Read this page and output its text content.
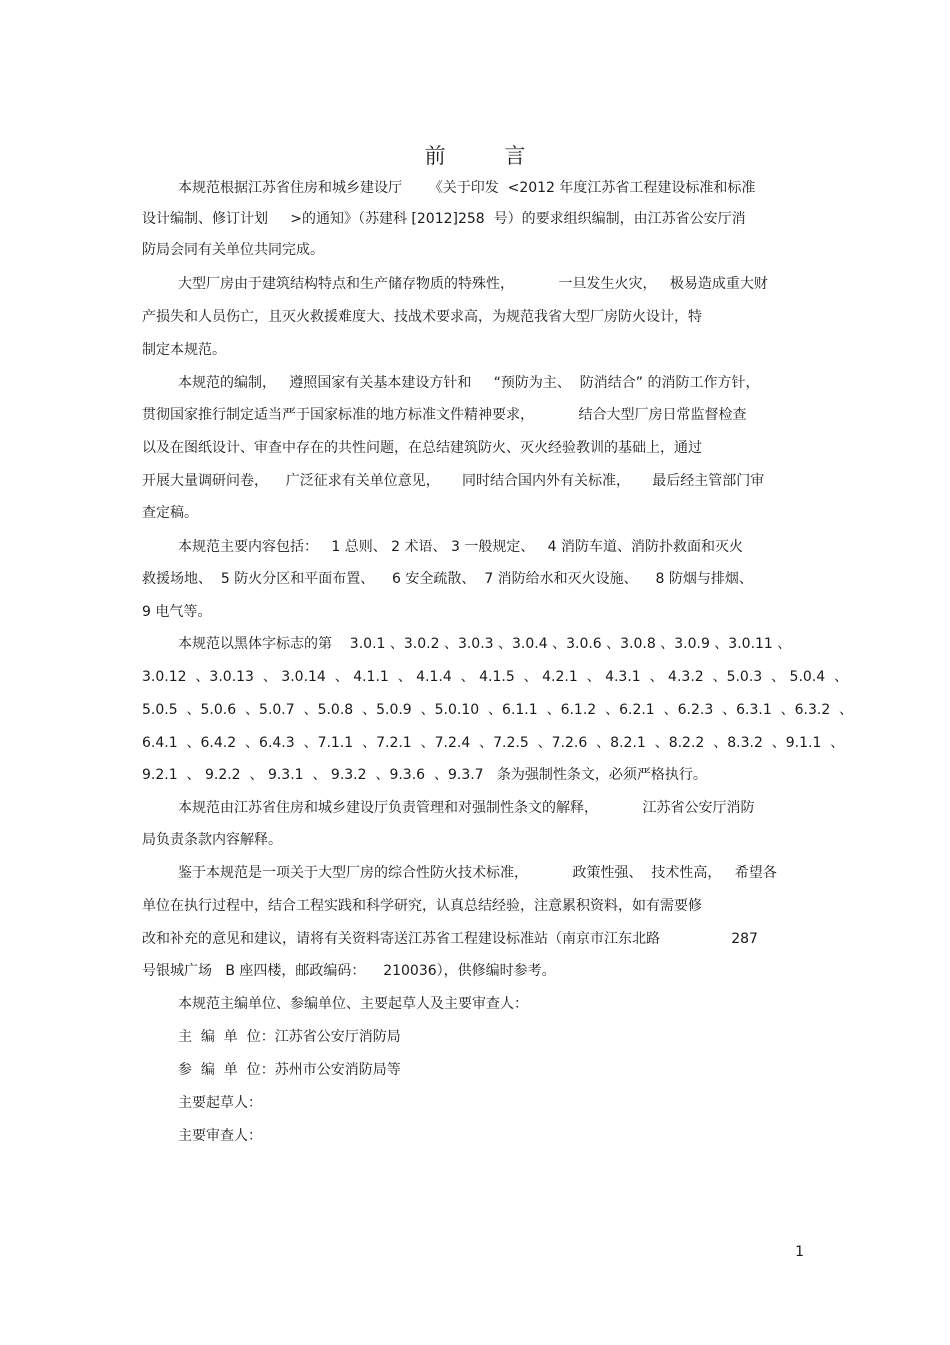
前 言
本规范根据江苏省住房和城乡建设厅      《关于印发  <2012 年度江苏省工程建设标准和标准
设计编制、修订计划     >的通知》（苏建科 [2012]258  号）的要求组织编制，由江苏省公安厅消
防局会同有关单位共同完成。
大型厂房由于建筑结构特点和生产储存物质的特殊性，          一旦发生火灾，   极易造成重大财
产损失和人员伤亡，且灭火救援难度大、技战术要求高，为规范我省大型厂房防火设计，特
制定本规范。
本规范的编制，   遵照国家有关基本建设方针和     “预防为主、  防消结合” 的消防工作方针，
贯彻国家推行制定适当严于国家标准的地方标准文件精神要求，          结合大型厂房日常监督检查
以及在图纸设计、审查中存在的共性问题，在总结建筑防火、灭火经验教训的基础上，通过
开展大量调研问卷，    广泛征求有关单位意见，     同时结合国内外有关标准，     最后经主管部门审
查定稿。
本规范主要内容包括：   1 总则、 2 术语、 3 一般规定、   4 消防车道、消防扑救面和灭火
救援场地、  5 防火分区和平面布置、    6 安全疏散、  7 消防给水和灭火设施、    8 防烟与排烟、
9 电气等。
本规范以黑体字标志的第    3.0.1 、3.0.2 、3.0.3 、3.0.4 、3.0.6 、3.0.8 、3.0.9 、3.0.11 、
3.0.12  、3.0.13  、 3.0.14  、 4.1.1  、 4.1.4  、 4.1.5  、 4.2.1  、 4.3.1  、 4.3.2  、5.0.3  、 5.0.4  、
5.0.5  、5.0.6  、5.0.7  、5.0.8  、5.0.9  、5.0.10  、6.1.1  、6.1.2  、6.2.1  、6.2.3  、6.3.1  、6.3.2  、
6.4.1  、6.4.2  、6.4.3  、7.1.1  、7.2.1  、7.2.4  、7.2.5  、7.2.6  、8.2.1  、8.2.2  、8.3.2  、9.1.1  、
9.2.1  、 9.2.2  、 9.3.1  、 9.3.2  、9.3.6  、9.3.7   条为强制性条文，必须严格执行。
本规范由江苏省住房和城乡建设厅负责管理和对强制性条文的解释，          江苏省公安厅消防
局负责条款内容解释。
鉴于本规范是一项关于大型厂房的综合性防火技术标准，          政策性强、  技术性高，   希望各
单位在执行过程中，结合工程实践和科学研究，认真总结经验，注意累积资料，如有需要修
改和补充的意见和建议，请将有关资料寄送江苏省工程建设标准站（南京市江东北路                287
号银城广场   B 座四楼，邮政编码：    210036），供修编时参考。
本规范主编单位、参编单位、主要起草人及主要审查人：
主  编  单  位：江苏省公安厅消防局
参  编  单  位：苏州市公安消防局等
主要起草人：
主要审查人：
1
